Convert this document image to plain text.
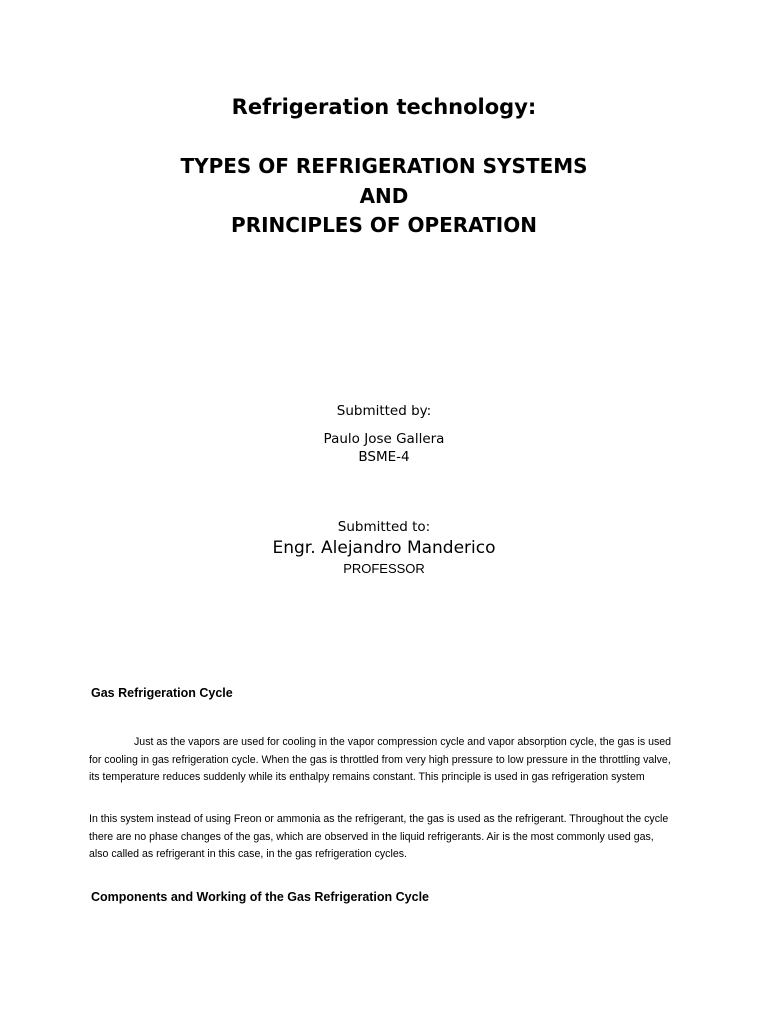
Refrigeration technology:
TYPES OF REFRIGERATION SYSTEMS
AND
PRINCIPLES OF OPERATION
Submitted by:
Paulo Jose Gallera
BSME-4
Submitted to:
Engr. Alejandro Manderico
PROFESSOR
Gas Refrigeration Cycle

Just as the vapors are used for cooling in the vapor compression cycle and vapor absorption cycle, the gas is used for cooling in gas refrigeration cycle. When the gas is throttled from very high pressure to low pressure in the throttling valve, its temperature reduces suddenly while its enthalpy remains constant. This principle is used in gas refrigeration system

In this system instead of using Freon or ammonia as the refrigerant, the gas is used as the refrigerant. Throughout the cycle there are no phase changes of the gas, which are observed in the liquid refrigerants. Air is the most commonly used gas, also called as refrigerant in this case, in the gas refrigeration cycles.

Components and Working of the Gas Refrigeration Cycle
